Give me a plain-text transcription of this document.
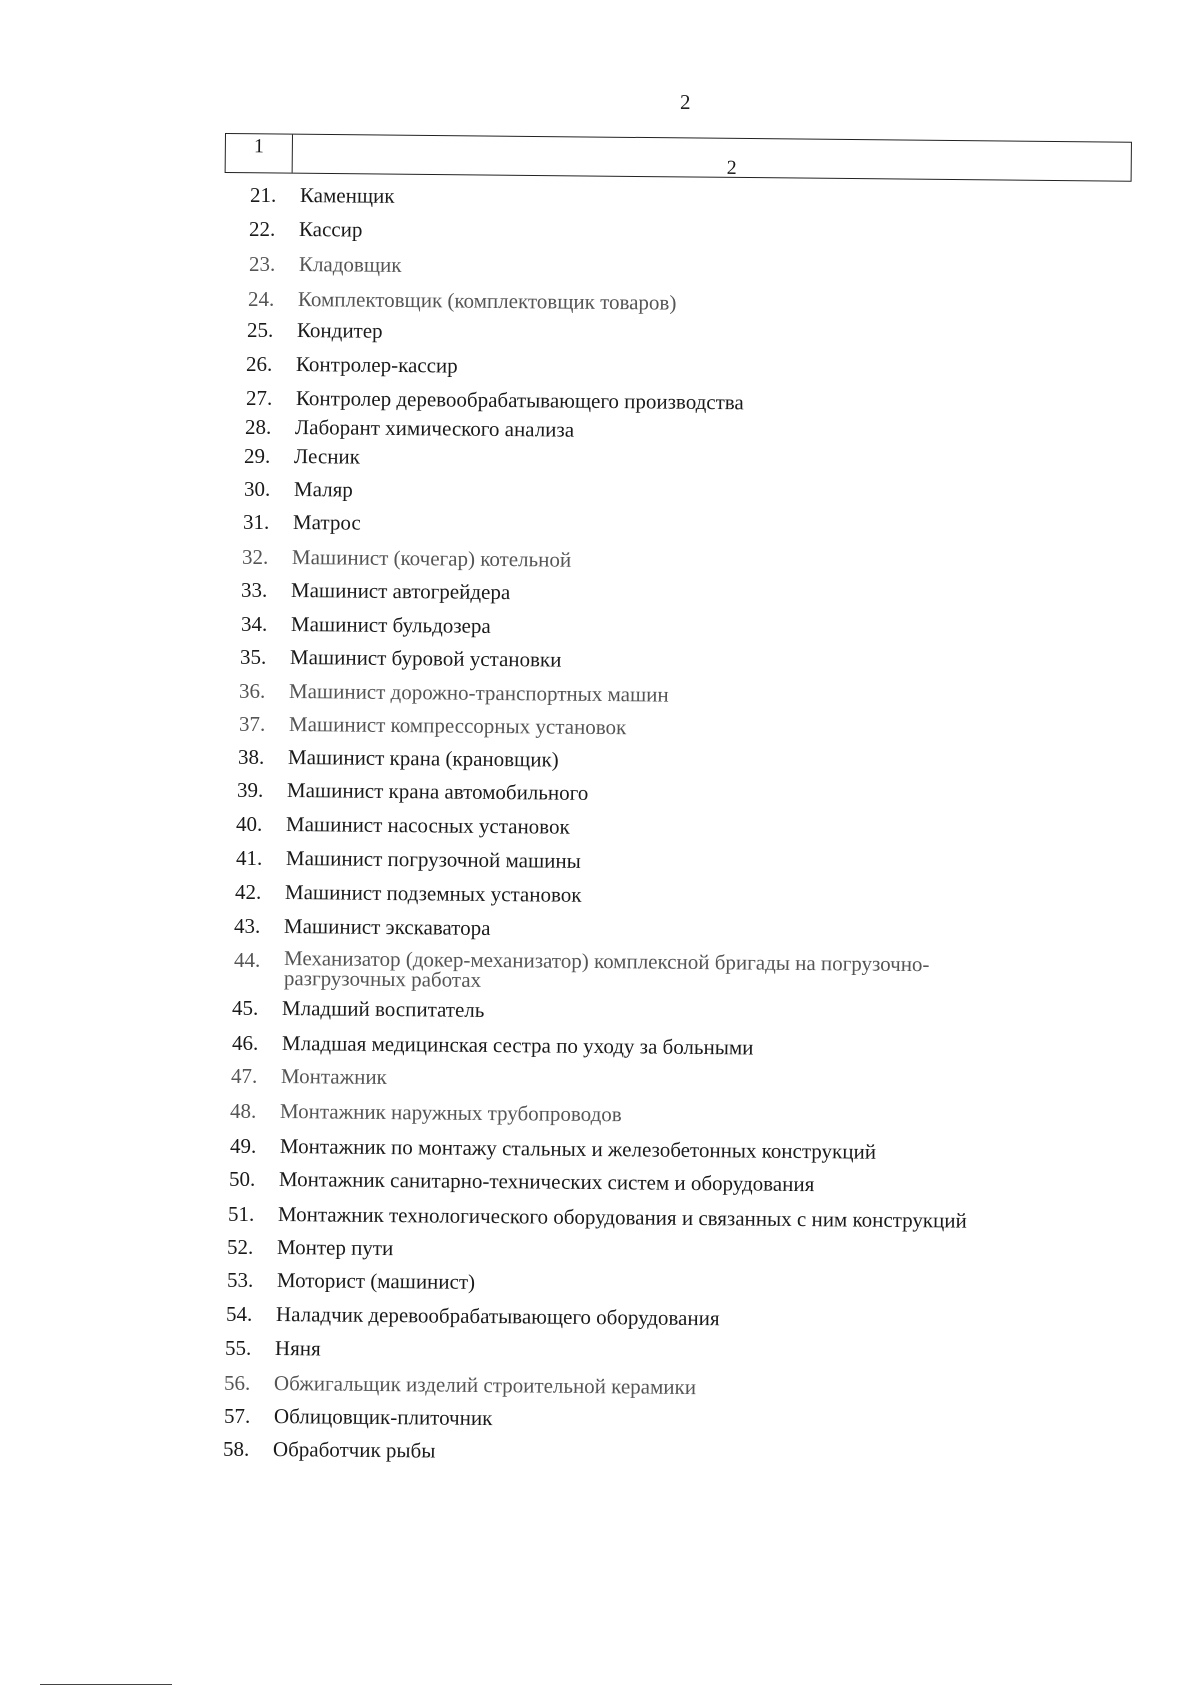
2
1
2
21. Каменщик
22. Кассир
23. Кладовщик
24. Комплектовщик (комплектовщик товаров)
25. Кондитер
26. Контролер-кассир
27. Контролер деревообрабатывающего производства
28. Лаборант химического анализа
29. Лесник
30. Маляр
31. Матрос
32. Машинист (кочегар) котельной
33. Машинист автогрейдера
34. Машинист бульдозера
35. Машинист буровой установки
36. Машинист дорожно-транспортных машин
37. Машинист компрессорных установок
38. Машинист крана (крановщик)
39. Машинист крана автомобильного
40. Машинист насосных установок
41. Машинист погрузочной машины
42. Машинист подземных установок
43. Машинист экскаватора
44. Механизатор (докер-механизатор) комплексной бригады на погрузочно-разгрузочных работах
45. Младший воспитатель
46. Младшая медицинская сестра по уходу за больными
47. Монтажник
48. Монтажник наружных трубопроводов
49. Монтажник по монтажу стальных и железобетонных конструкций
50. Монтажник санитарно-технических систем и оборудования
51. Монтажник технологического оборудования и связанных с ним конструкций
52. Монтер пути
53. Моторист (машинист)
54. Наладчик деревообрабатывающего оборудования
55. Няня
56. Обжигальщик изделий строительной керамики
57. Облицовщик-плиточник
58. Обработчик рыбы
